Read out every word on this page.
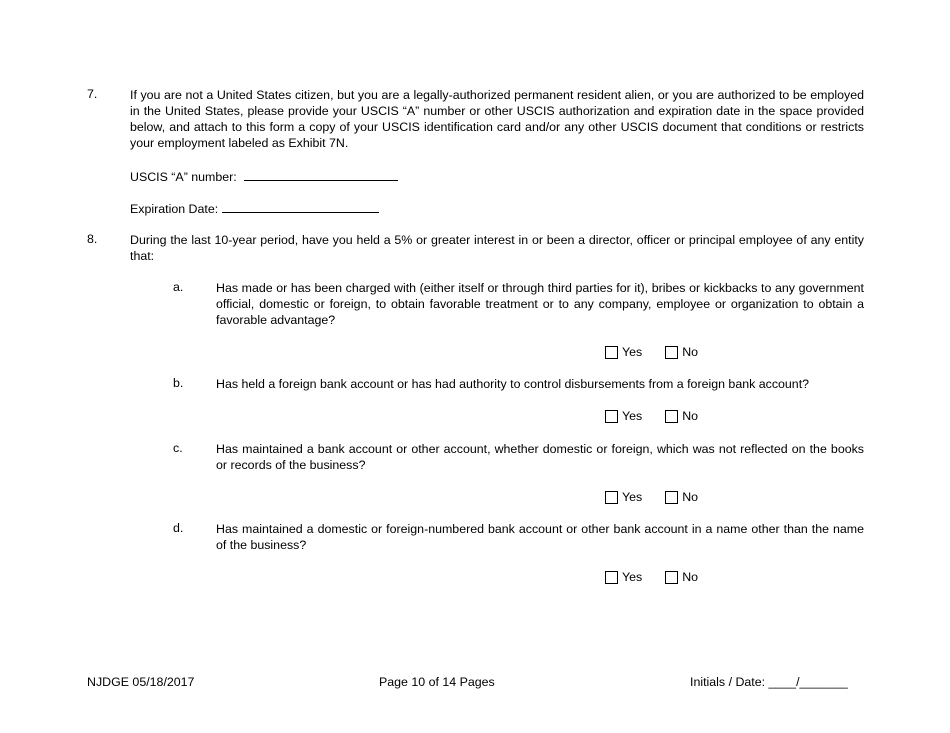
7.	If you are not a United States citizen, but you are a legally-authorized permanent resident alien, or you are authorized to be employed in the United States, please provide your USCIS “A” number or other USCIS authorization and expiration date in the space provided below, and attach to this form a copy of your USCIS identification card and/or any other USCIS document that conditions or restricts your employment labeled as Exhibit 7N.
USCIS “A” number:
Expiration Date:
8.	During the last 10-year period, have you held a 5% or greater interest in or been a director, officer or principal employee of any entity that:
a.	Has made or has been charged with (either itself or through third parties for it), bribes or kickbacks to any government official, domestic or foreign, to obtain favorable treatment or to any company, employee or organization to obtain a favorable advantage?
Yes	No
b.	Has held a foreign bank account or has had authority to control disbursements from a foreign bank account?
Yes	No
c.	Has maintained a bank account or other account, whether domestic or foreign, which was not reflected on the books or records of the business?
Yes	No
d.	Has maintained a domestic or foreign-numbered bank account or other bank account in a name other than the name of the business?
Yes	No
NJDGE 05/18/2017	Page 10 of 14 Pages	Initials / Date: ____/_______
